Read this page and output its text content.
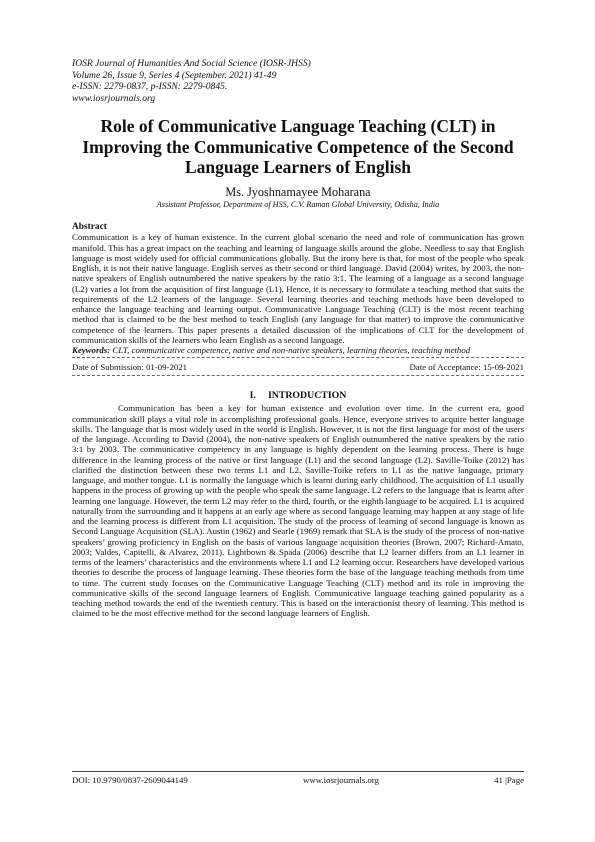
IOSR Journal of Humanities And Social Science (IOSR-JHSS)
Volume 26, Issue 9, Series 4 (September. 2021) 41-49
e-ISSN: 2279-0837, p-ISSN: 2279-0845.
www.iosrjournals.org
Role of Communicative Language Teaching (CLT) in Improving the Communicative Competence of the Second Language Learners of English
Ms. Jyoshnamayee Moharana
Assistant Professor, Department of HSS, C.V. Raman Global University, Odisha, India
Abstract
Communication is a key of human existence. In the current global scenario the need and role of communication has grown manifold. This has a great impact on the teaching and learning of language skills around the globe. Needless to say that English language is most widely used for official communications globally. But the irony here is that, for most of the people who speak English, it is not their native language. English serves as their second or third language. David (2004) writes, by 2003, the non-native speakers of English outnumbered the native speakers by the ratio 3:1. The learning of a language as a second language (L2) varies a lot from the acquisition of first language (L1). Hence, it is necessary to formulate a teaching method that suits the requirements of the L2 learners of the language. Several learning theories and teaching methods have been developed to enhance the language teaching and learning output. Communicative Language Teaching (CLT) is the most recent teaching method that is claimed to be the best method to teach English (any language for that matter) to improve the communicative competence of the learners. This paper presents a detailed discussion of the implications of CLT for the development of communication skills of the learners who learn English as a second language.
Keywords: CLT, communicative competence, native and non-native speakers, learning theories, teaching method
Date of Submission: 01-09-2021	Date of Acceptance: 15-09-2021
I. INTRODUCTION
Communication has been a key for human existence and evolution over time. In the current era, good communication skill plays a vital role in accomplishing professional goals. Hence, everyone strives to acquire better language skills. The language that is most widely used in the world is English. However, it is not the first language for most of the users of the language. According to David (2004), the non-native speakers of English outnumbered the native speakers by the ratio 3:1 by 2003. The communicative competency in any language is highly dependent on the learning process. There is huge difference in the learning process of the native or first language (L1) and the second language (L2). Saville-Toike (2012) has clarified the distinction between these two terms L1 and L2. Saville-Toike refers to L1 as the native language, primary language, and mother tongue. L1 is normally the language which is learnt during early childhood. The acquisition of L1 usually happens in the process of growing up with the people who speak the same language. L2 refers to the language that is learnt after learning one language. However, the term L2 may refer to the third, fourth, or the eighth language to be acquired. L1 is acquired naturally from the surrounding and it happens at an early age where as second language learning may happen at any stage of life and the learning process is different from L1 acquisition. The study of the process of learning of second language is known as Second Language Acquisition (SLA). Austin (1962) and Searle (1969) remark that SLA is the study of the process of non-native speakers’ growing proficiency in English on the basis of various language acquisition theories (Brown, 2007; Richard-Amato, 2003; Valdes, Capitelli, & Alvarez, 2011). Lightbown & Spada (2006) describe that L2 learner differs from an L1 learner in terms of the learners’ characteristics and the environments where L1 and L2 learning occur. Researchers have developed various theories to describe the process of language learning. These theories form the base of the language teaching methods from time to time. The current study focuses on the Communicative Language Teaching (CLT) method and its role in improving the communicative skills of the second language learners of English. Communicative language teaching gained popularity as a teaching method towards the end of the twentieth century. This is based on the interactionist theory of learning. This method is claimed to be the most effective method for the second language learners of English.
DOI: 10.9790/0837-2609044149	www.iosrjournals.org	41 |Page
